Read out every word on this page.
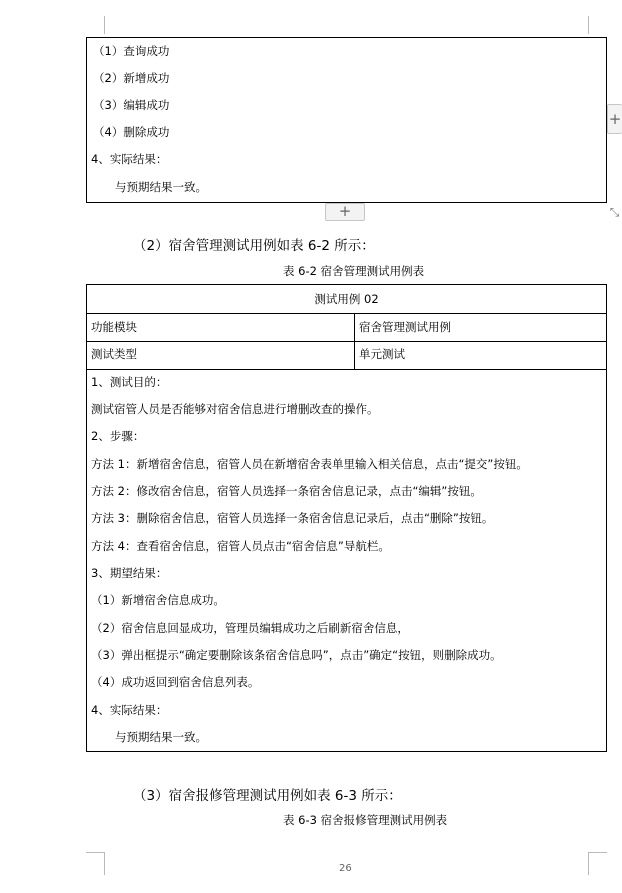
（1）查询成功
（2）新增成功
（3）编辑成功
（4）删除成功
4、实际结果：
与预期结果一致。
+
+
⤡
（2）宿舍管理测试用例如表 6-2 所示：
表 6-2 宿舍管理测试用例表
测试用例 02
功能模块	宿舍管理测试用例
测试类型	单元测试
1、测试目的：
测试宿管人员是否能够对宿舍信息进行增删改查的操作。
2、步骤：
方法 1：新增宿舍信息，宿管人员在新增宿舍表单里输入相关信息，点击“提交”按钮。
方法 2：修改宿舍信息，宿管人员选择一条宿舍信息记录，点击“编辑”按钮。
方法 3：删除宿舍信息，宿管人员选择一条宿舍信息记录后，点击“删除”按钮。
方法 4：查看宿舍信息，宿管人员点击“宿舍信息”导航栏。
3、期望结果：
（1）新增宿舍信息成功。
（2）宿舍信息回显成功，管理员编辑成功之后刷新宿舍信息，
（3）弹出框提示“确定要删除该条宿舍信息吗”，点击”确定“按钮，则删除成功。
（4）成功返回到宿舍信息列表。
4、实际结果：
与预期结果一致。
（3）宿舍报修管理测试用例如表 6-3 所示：
表 6-3 宿舍报修管理测试用例表
26
